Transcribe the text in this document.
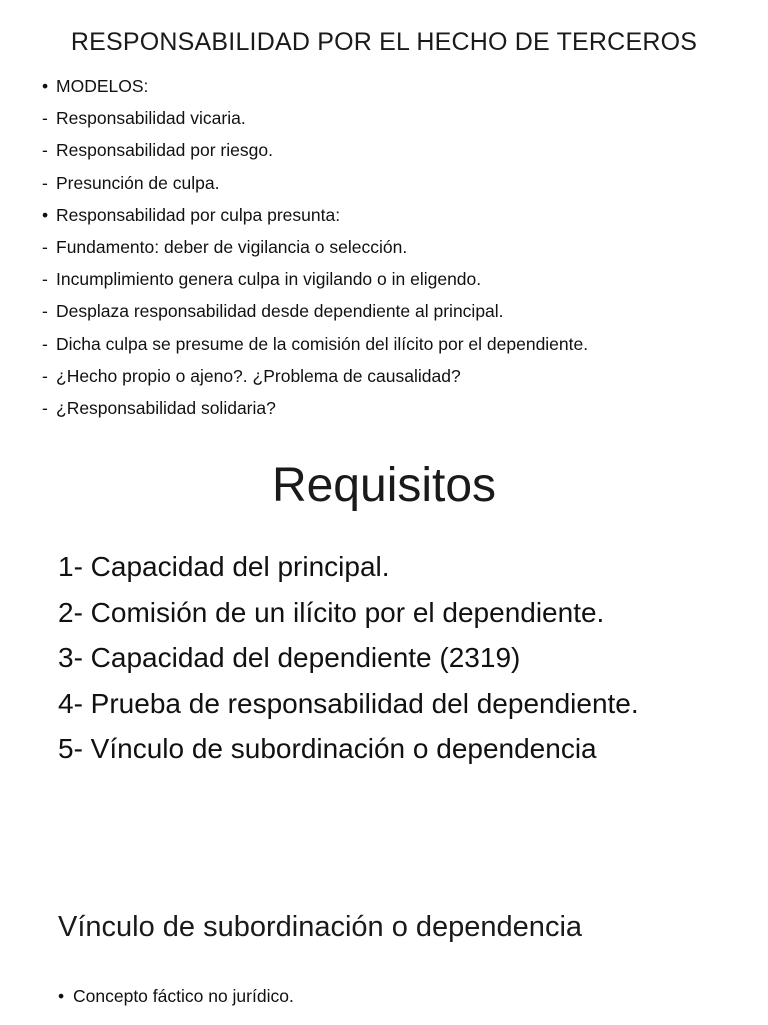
RESPONSABILIDAD POR EL HECHO DE TERCEROS
• MODELOS:
- Responsabilidad vicaria.
- Responsabilidad por riesgo.
- Presunción de culpa.
• Responsabilidad por culpa presunta:
- Fundamento: deber de vigilancia o selección.
- Incumplimiento genera culpa in vigilando o in eligendo.
- Desplaza responsabilidad desde dependiente al principal.
- Dicha culpa se presume de la comisión del ilícito por el dependiente.
- ¿Hecho propio o ajeno?. ¿Problema de causalidad?
- ¿Responsabilidad solidaria?
Requisitos
1- Capacidad del principal.
2- Comisión de un ilícito por el dependiente.
3- Capacidad del dependiente (2319)
4- Prueba de responsabilidad del dependiente.
5- Vínculo de subordinación o dependencia
Vínculo de subordinación o dependencia
• Concepto fáctico no jurídico.
